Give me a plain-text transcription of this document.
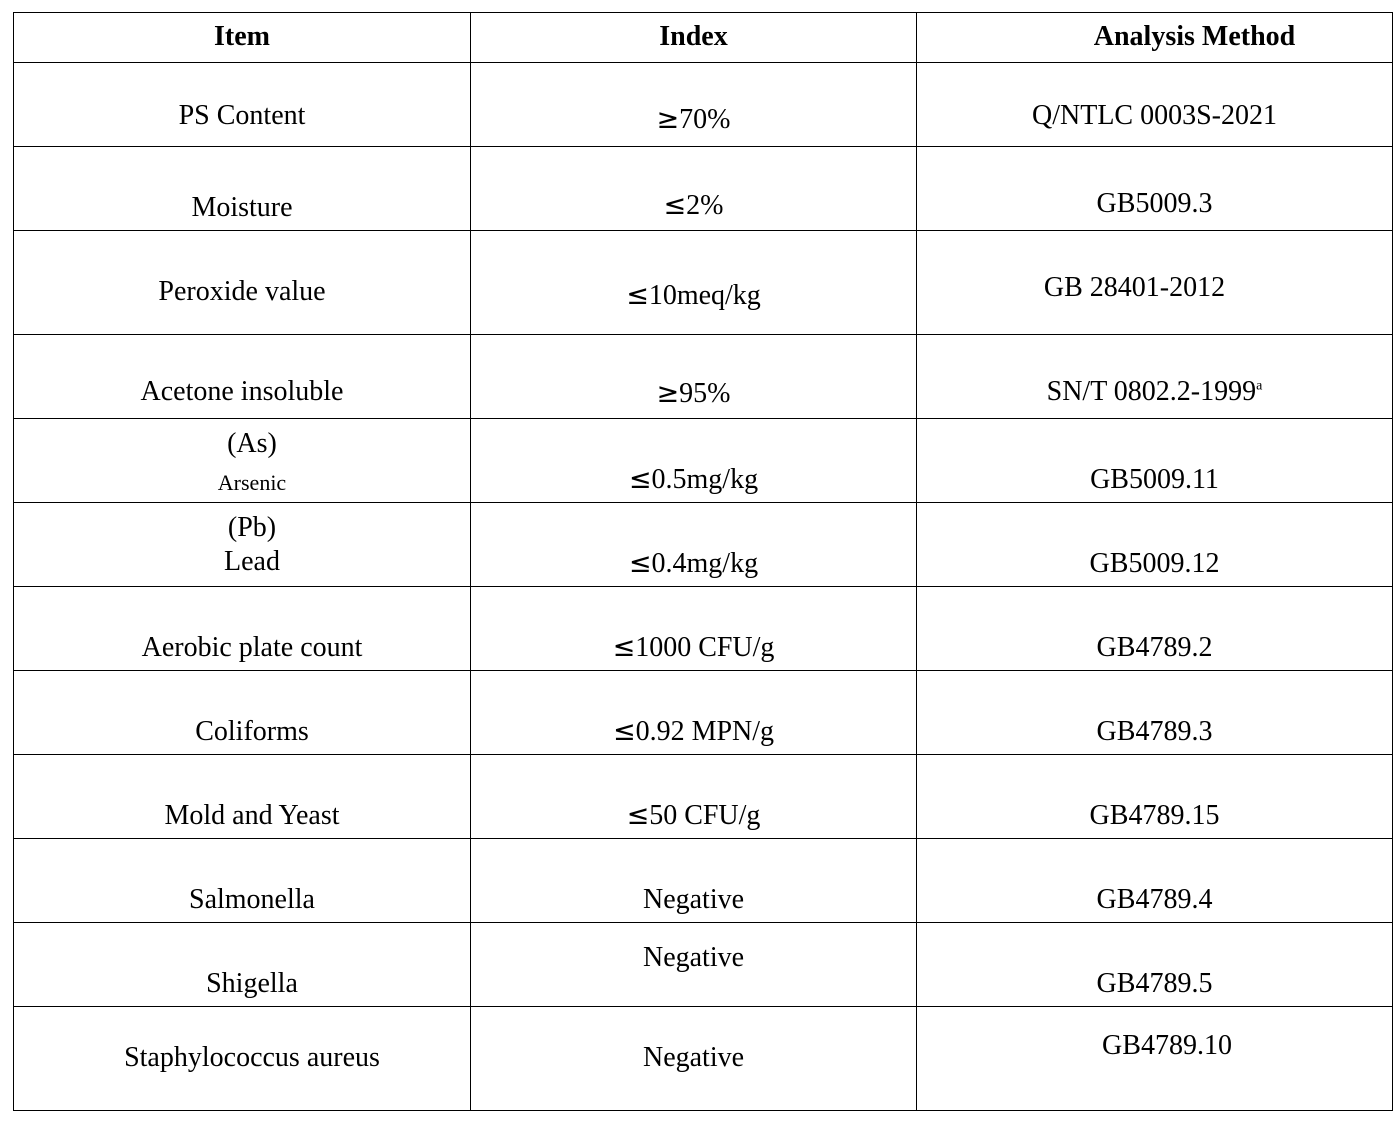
Item	Index	Analysis Method

PS Content	≥70%	Q/NTLC 0003S-2021

Moisture	≤2%	GB5009.3

Peroxide value	≤10meq/kg	GB 28401-2012

Acetone insoluble	≥95%	SN/T 0802.2-1999$^a$

(As)
Arsenic	≤0.5mg/kg	GB5009.11

(Pb)
Lead	≤0.4mg/kg	GB5009.12

Aerobic plate count	≤1000 CFU/g	GB4789.2

Coliforms	≤0.92 MPN/g	GB4789.3

Mold and Yeast	≤50 CFU/g	GB4789.15

Salmonella	Negative	GB4789.4

Shigella	Negative	GB4789.5

Staphylococcus aureus	Negative	GB4789.10
